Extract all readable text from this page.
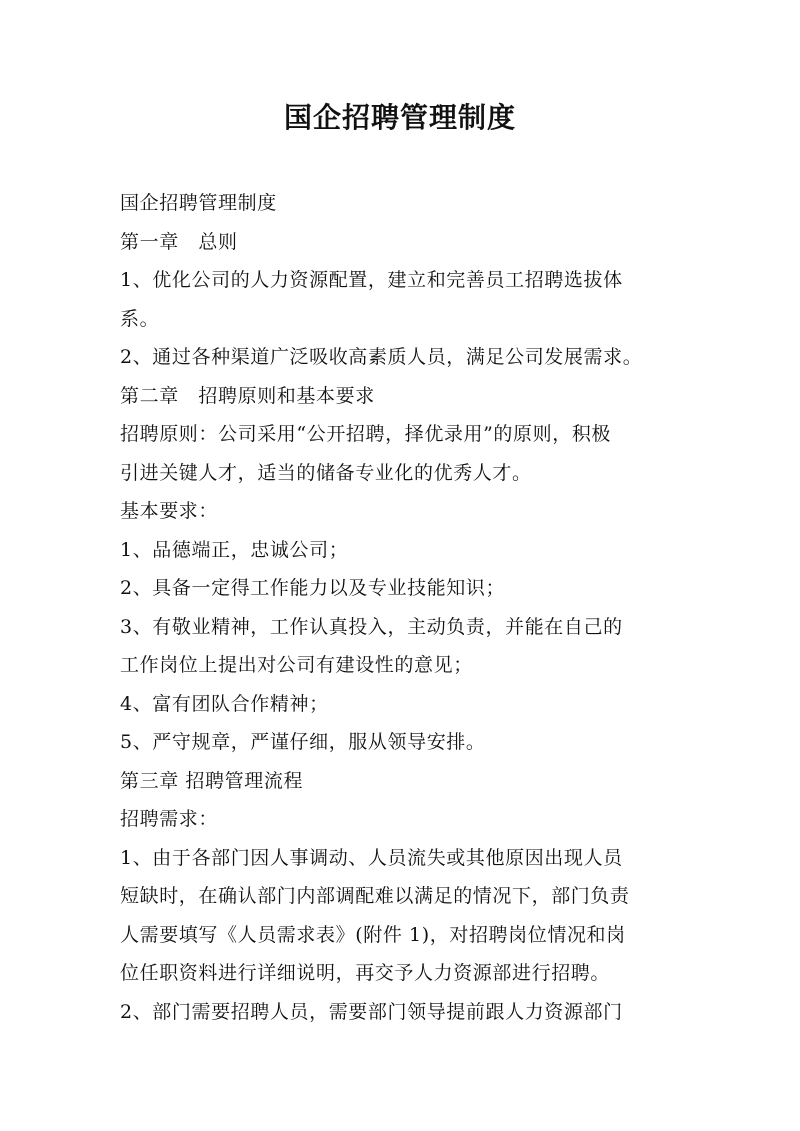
国企招聘管理制度

国企招聘管理制度

第一章　总则

1、优化公司的人力资源配置，建立和完善员工招聘选拔体

系。

2、通过各种渠道广泛吸收高素质人员，满足公司发展需求。

第二章　招聘原则和基本要求

招聘原则：公司采用“公开招聘，择优录用”的原则，积极

引进关键人才，适当的储备专业化的优秀人才。

基本要求：

1、品德端正，忠诚公司；

2、具备一定得工作能力以及专业技能知识；

3、有敬业精神，工作认真投入，主动负责，并能在自己的

工作岗位上提出对公司有建设性的意见；

4、富有团队合作精神；

5、严守规章，严谨仔细，服从领导安排。

第三章 招聘管理流程

招聘需求：

1、由于各部门因人事调动、人员流失或其他原因出现人员

短缺时，在确认部门内部调配难以满足的情况下，部门负责

人需要填写《人员需求表》(附件 1)，对招聘岗位情况和岗

位任职资料进行详细说明，再交予人力资源部进行招聘。

2、部门需要招聘人员，需要部门领导提前跟人力资源部门
